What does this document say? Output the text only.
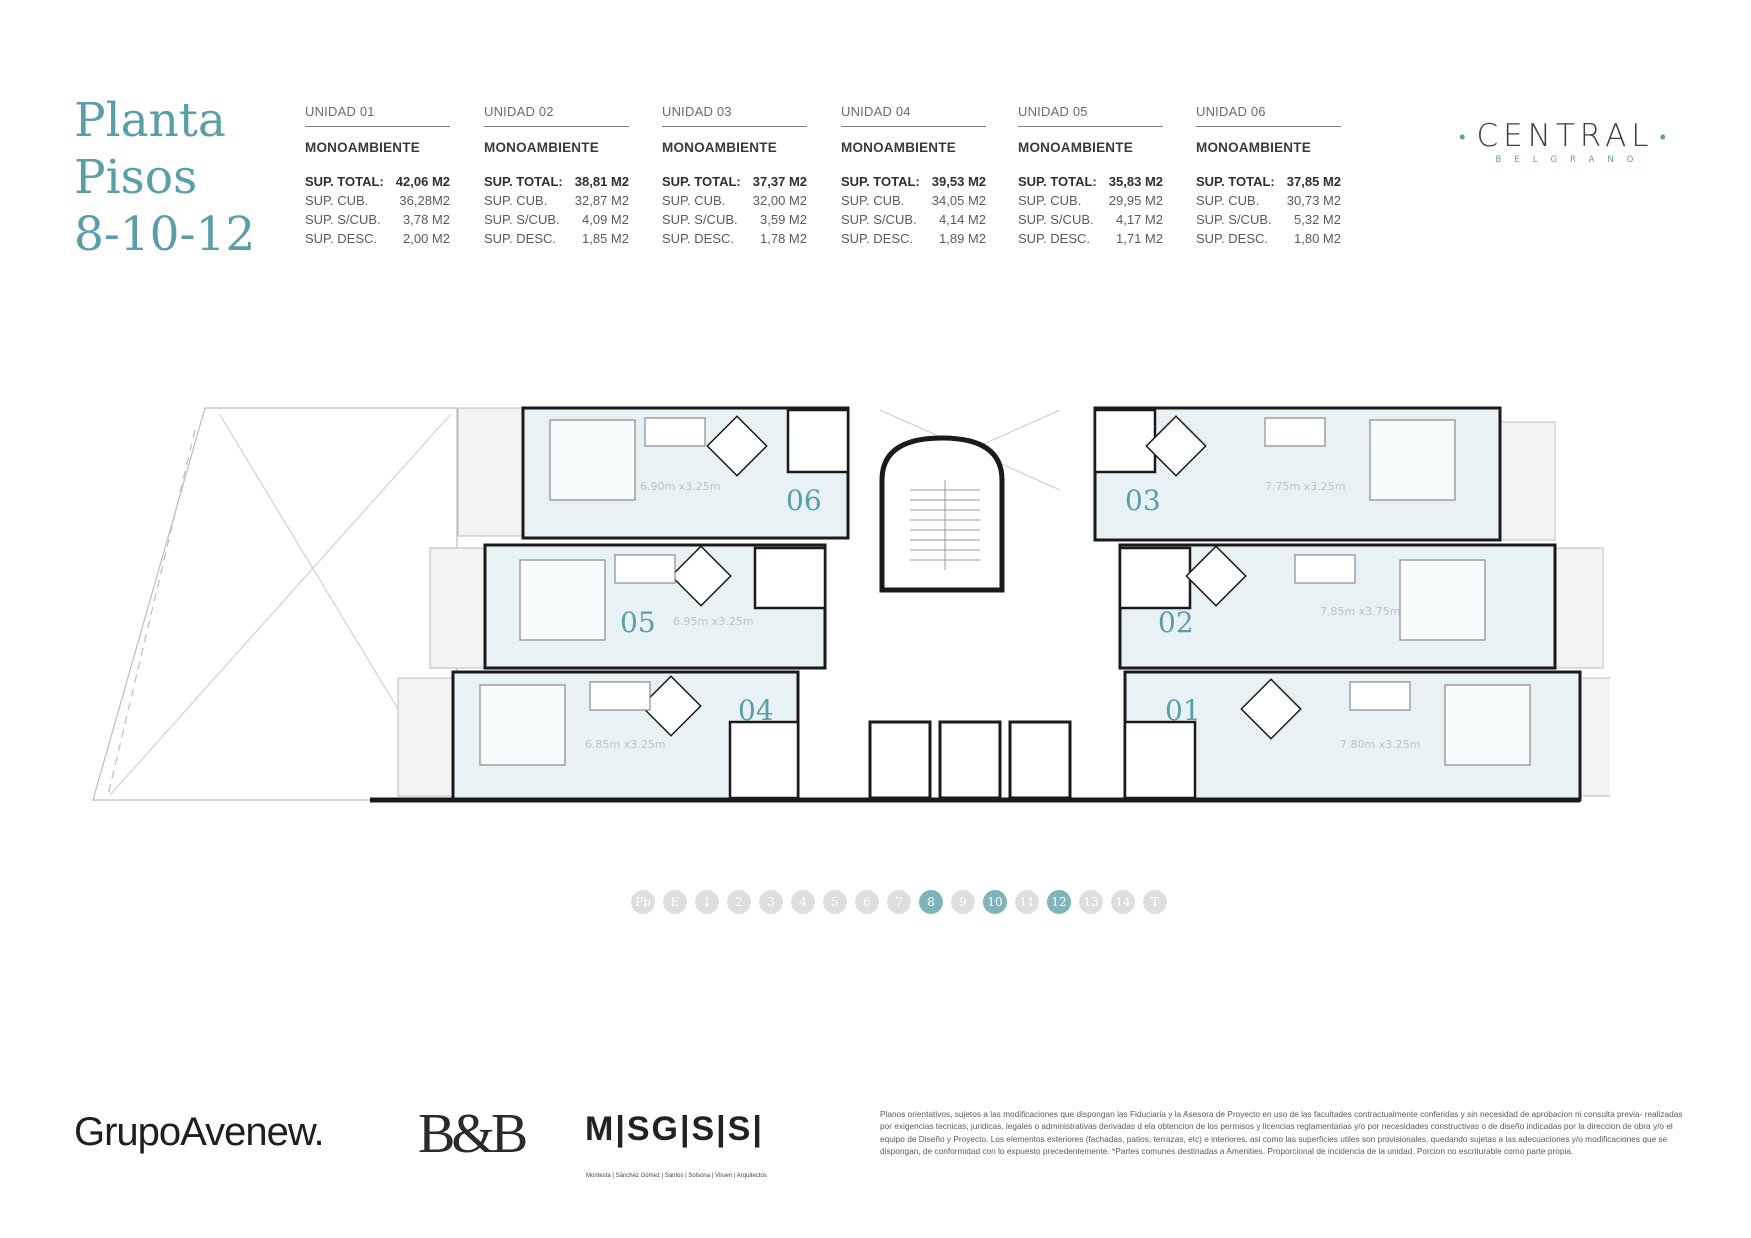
Planta
Pisos
8-10-12
UNIDAD 01
MONOAMBIENTE
SUP. TOTAL: 42,06 M2
SUP. CUB. 36,28M2
SUP. S/CUB. 3,78 M2
SUP. DESC. 2,00 M2
UNIDAD 02
MONOAMBIENTE
SUP. TOTAL: 38,81 M2
SUP. CUB. 32,87 M2
SUP. S/CUB. 4,09 M2
SUP. DESC. 1,85 M2
UNIDAD 03
MONOAMBIENTE
SUP. TOTAL: 37,37 M2
SUP. CUB. 32,00 M2
SUP. S/CUB. 3,59 M2
SUP. DESC. 1,78 M2
UNIDAD 04
MONOAMBIENTE
SUP. TOTAL: 39,53 M2
SUP. CUB. 34,05 M2
SUP. S/CUB. 4,14 M2
SUP. DESC. 1,89 M2
UNIDAD 05
MONOAMBIENTE
SUP. TOTAL: 35,83 M2
SUP. CUB. 29,95 M2
SUP. S/CUB. 4,17 M2
SUP. DESC. 1,71 M2
UNIDAD 06
MONOAMBIENTE
SUP. TOTAL: 37,85 M2
SUP. CUB. 30,73 M2
SUP. S/CUB. 5,32 M2
SUP. DESC. 1,80 M2
• CENTRAL •
BELGRANO
06
05
04
03
02
01
6.90m x3.25m
6.95m x3.25m
6.85m x3.25m
7.75m x3.25m
7.85m x3.75m
7.80m x3.25m
Pb	E	1	2	3	4	5	6	7	8	9	10	11	12	13	14	T
GrupoAvenew. B&B M|SG|S|S|
Montesta | Sánchez Gómez | Santos | Solsona | Viruen | Arquitectos
Planos orientativos, sujetos a las modificaciones que dispongan las Fiduciaria y la Asesora de Proyecto en uso de las facultades contractualmente conferidas y sin necesidad de aprobacion ni consulta previa- realizadas por exigencias tecnicas, juridicas, legales o administrativas derivadas d ela obtencion de los permisos y licencias reglamentarias y/o por necesidades constructivas o de diseño indicadas por la direccion de obra y/o el equipo de Diseño y Proyecto. Los elementos exteriores (fachadas, patios, terrazas, etc) e interiores, asi como las superficies utiles son provisionales, quedando sujetas a las adecuaciones y/o modificaciones que se dispongan, de conformidad con lo expuesto precedentemente. *Partes comunes destinadas a Amenities. Proporcional de incidencia de la unidad. Porcion no escriturable como parte propia.
